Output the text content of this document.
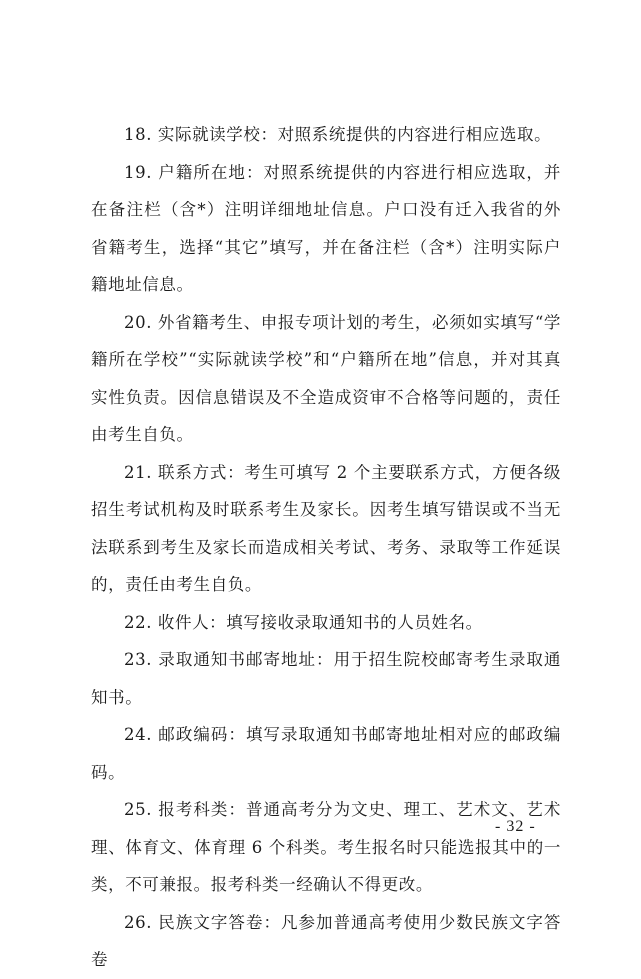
18. 实际就读学校：对照系统提供的内容进行相应选取。

19. 户籍所在地：对照系统提供的内容进行相应选取，并在备注栏（含*）注明详细地址信息。户口没有迁入我省的外省籍考生，选择“其它”填写，并在备注栏（含*）注明实际户籍地址信息。

20. 外省籍考生、申报专项计划的考生，必须如实填写“学籍所在学校”“实际就读学校”和“户籍所在地”信息，并对其真实性负责。因信息错误及不全造成资审不合格等问题的，责任由考生自负。

21. 联系方式：考生可填写 2 个主要联系方式，方便各级招生考试机构及时联系考生及家长。因考生填写错误或不当无法联系到考生及家长而造成相关考试、考务、录取等工作延误的，责任由考生自负。

22. 收件人：填写接收录取通知书的人员姓名。

23. 录取通知书邮寄地址：用于招生院校邮寄考生录取通知书。

24. 邮政编码：填写录取通知书邮寄地址相对应的邮政编码。

25. 报考科类：普通高考分为文史、理工、艺术文、艺术理、体育文、体育理 6 个科类。考生报名时只能选报其中的一类，不可兼报。报考科类一经确认不得更改。

26. 民族文字答卷：凡参加普通高考使用少数民族文字答卷

- 32 -
